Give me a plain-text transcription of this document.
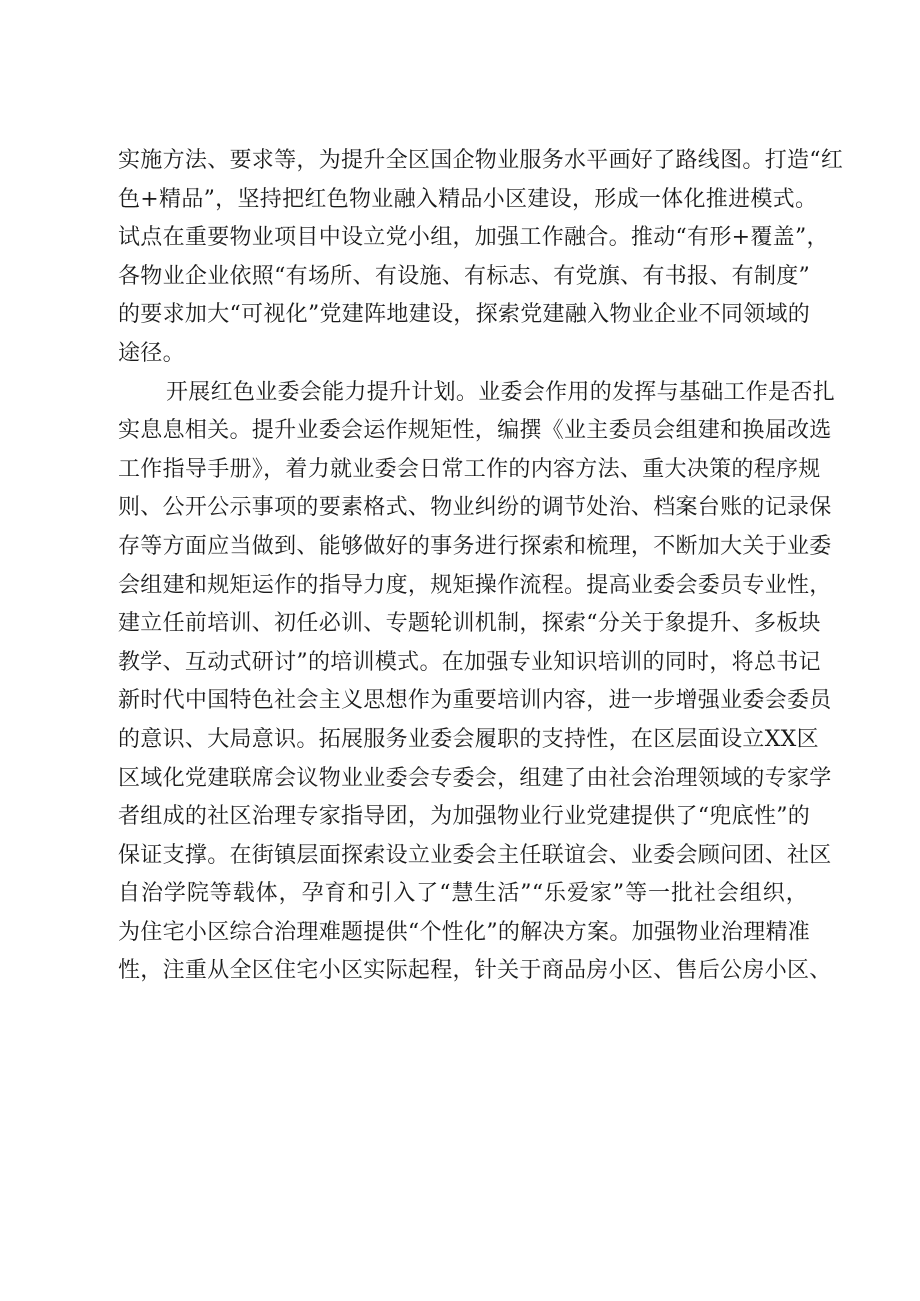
实施方法、要求等，为提升全区国企物业服务水平画好了路线图。打造“红
色+精品”，坚持把红色物业融入精品小区建设，形成一体化推进模式。
试点在重要物业项目中设立党小组，加强工作融合。推动“有形+覆盖”，
各物业企业依照“有场所、有设施、有标志、有党旗、有书报、有制度”
的要求加大“可视化”党建阵地建设，探索党建融入物业企业不同领域的
途径。
开展红色业委会能力提升计划。业委会作用的发挥与基础工作是否扎
实息息相关。提升业委会运作规矩性，编撰《业主委员会组建和换届改选
工作指导手册》，着力就业委会日常工作的内容方法、重大决策的程序规
则、公开公示事项的要素格式、物业纠纷的调节处治、档案台账的记录保
存等方面应当做到、能够做好的事务进行探索和梳理，不断加大关于业委
会组建和规矩运作的指导力度，规矩操作流程。提高业委会委员专业性，
建立任前培训、初任必训、专题轮训机制，探索“分关于象提升、多板块
教学、互动式研讨”的培训模式。在加强专业知识培训的同时，将总书记
新时代中国特色社会主义思想作为重要培训内容，进一步增强业委会委员
的意识、大局意识。拓展服务业委会履职的支持性，在区层面设立XX区
区域化党建联席会议物业业委会专委会，组建了由社会治理领域的专家学
者组成的社区治理专家指导团，为加强物业行业党建提供了“兜底性”的
保证支撑。在街镇层面探索设立业委会主任联谊会、业委会顾问团、社区
自治学院等载体，孕育和引入了“慧生活”“乐爱家”等一批社会组织，
为住宅小区综合治理难题提供“个性化”的解决方案。加强物业治理精准
性，注重从全区住宅小区实际起程，针关于商品房小区、售后公房小区、
